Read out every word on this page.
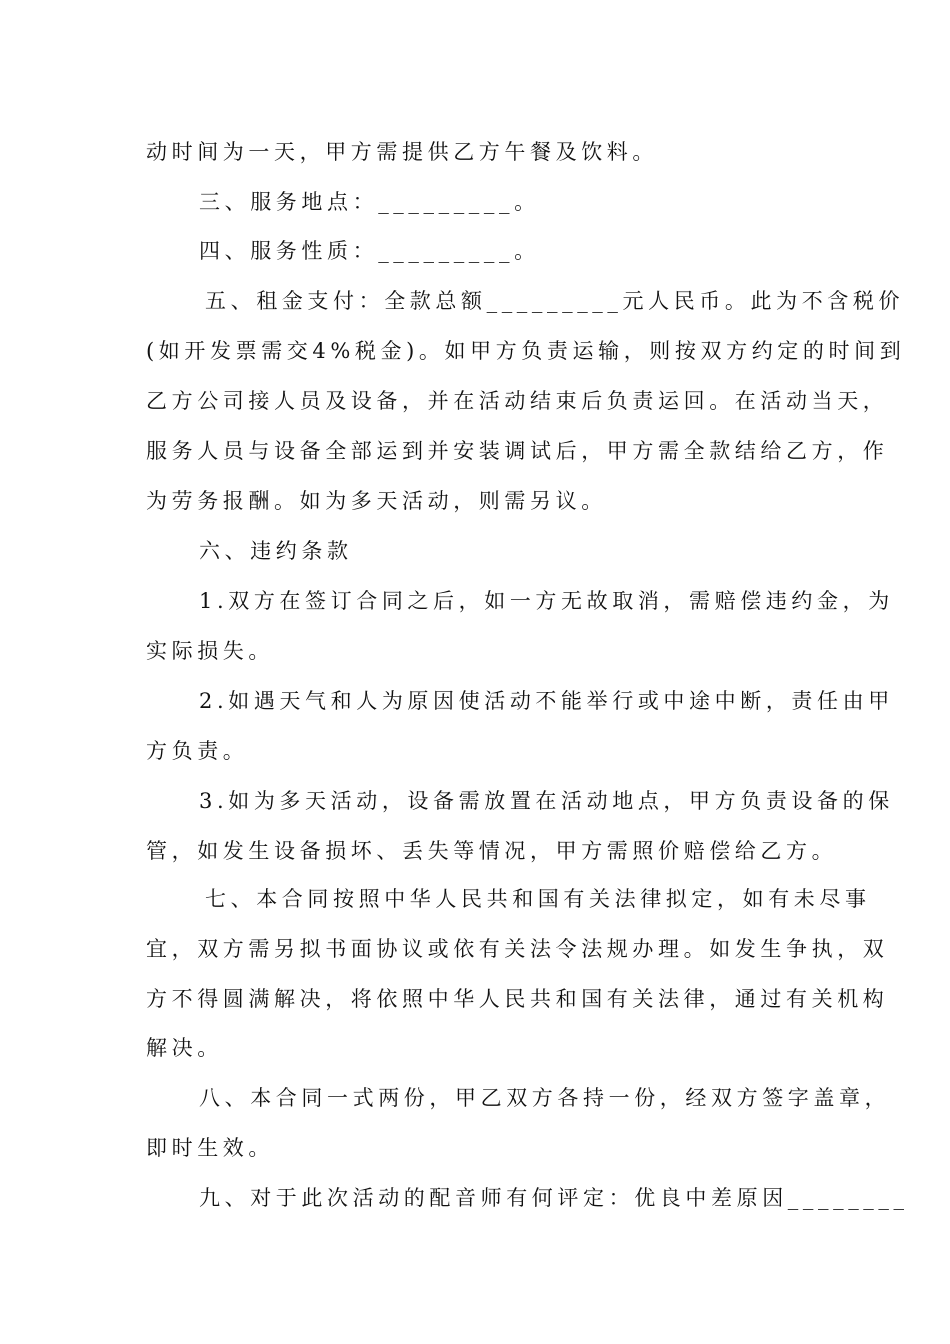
动时间为一天，甲方需提供乙方午餐及饮料。
三、服务地点：_________。
四、服务性质：_________。
五、租金支付：全款总额_________元人民币。此为不含税价
(如开发票需交4%税金)。如甲方负责运输，则按双方约定的时间到
乙方公司接人员及设备，并在活动结束后负责运回。在活动当天，
服务人员与设备全部运到并安装调试后，甲方需全款结给乙方，作
为劳务报酬。如为多天活动，则需另议。
六、违约条款
1.双方在签订合同之后，如一方无故取消，需赔偿违约金，为
实际损失。
2.如遇天气和人为原因使活动不能举行或中途中断，责任由甲
方负责。
3.如为多天活动，设备需放置在活动地点，甲方负责设备的保
管，如发生设备损坏、丢失等情况，甲方需照价赔偿给乙方。
七、本合同按照中华人民共和国有关法律拟定，如有未尽事
宜，双方需另拟书面协议或依有关法令法规办理。如发生争执，双
方不得圆满解决，将依照中华人民共和国有关法律，通过有关机构
解决。
八、本合同一式两份，甲乙双方各持一份，经双方签字盖章，
即时生效。
九、对于此次活动的配音师有何评定：优良中差原因________
